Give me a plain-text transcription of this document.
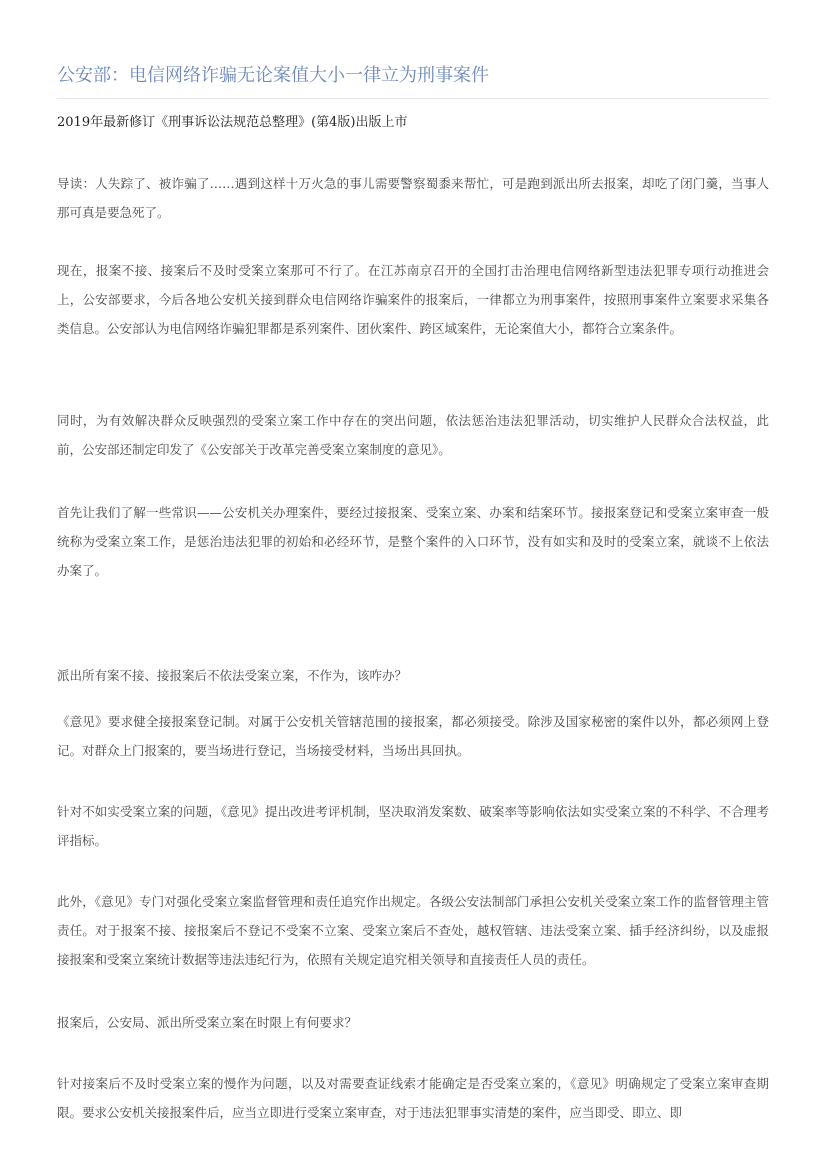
公安部：电信网络诈骗无论案值大小一律立为刑事案件
2019年最新修订《刑事诉讼法规范总整理》(第4版)出版上市

导读：人失踪了、被诈骗了……遇到这样十万火急的事儿需要警察蜀黍来帮忙，可是跑到派出所去报案，却吃了闭门羹，当事人那可真是要急死了。

现在，报案不接、接案后不及时受案立案那可不行了。在江苏南京召开的全国打击治理电信网络新型违法犯罪专项行动推进会上，公安部要求，今后各地公安机关接到群众电信网络诈骗案件的报案后，一律都立为刑事案件，按照刑事案件立案要求采集各类信息。公安部认为电信网络诈骗犯罪都是系列案件、团伙案件、跨区域案件，无论案值大小，都符合立案条件。

同时，为有效解决群众反映强烈的受案立案工作中存在的突出问题，依法惩治违法犯罪活动，切实维护人民群众合法权益，此前，公安部还制定印发了《公安部关于改革完善受案立案制度的意见》。

首先让我们了解一些常识——公安机关办理案件，要经过接报案、受案立案、办案和结案环节。接报案登记和受案立案审查一般统称为受案立案工作，是惩治违法犯罪的初始和必经环节，是整个案件的入口环节，没有如实和及时的受案立案，就谈不上依法办案了。

派出所有案不接、接报案后不依法受案立案，不作为，该咋办？

《意见》要求健全接报案登记制。对属于公安机关管辖范围的接报案，都必须接受。除涉及国家秘密的案件以外，都必须网上登记。对群众上门报案的，要当场进行登记，当场接受材料，当场出具回执。

针对不如实受案立案的问题，《意见》提出改进考评机制，坚决取消发案数、破案率等影响依法如实受案立案的不科学、不合理考评指标。

此外，《意见》专门对强化受案立案监督管理和责任追究作出规定。各级公安法制部门承担公安机关受案立案工作的监督管理主管责任。对于报案不接、接报案后不登记不受案不立案、受案立案后不查处，越权管辖、违法受案立案、插手经济纠纷，以及虚报接报案和受案立案统计数据等违法违纪行为，依照有关规定追究相关领导和直接责任人员的责任。

报案后，公安局、派出所受案立案在时限上有何要求？

针对接案后不及时受案立案的慢作为问题，以及对需要查证线索才能确定是否受案立案的，《意见》明确规定了受案立案审查期限。要求公安机关接报案件后，应当立即进行受案立案审查，对于违法犯罪事实清楚的案件，应当即受、即立、即
